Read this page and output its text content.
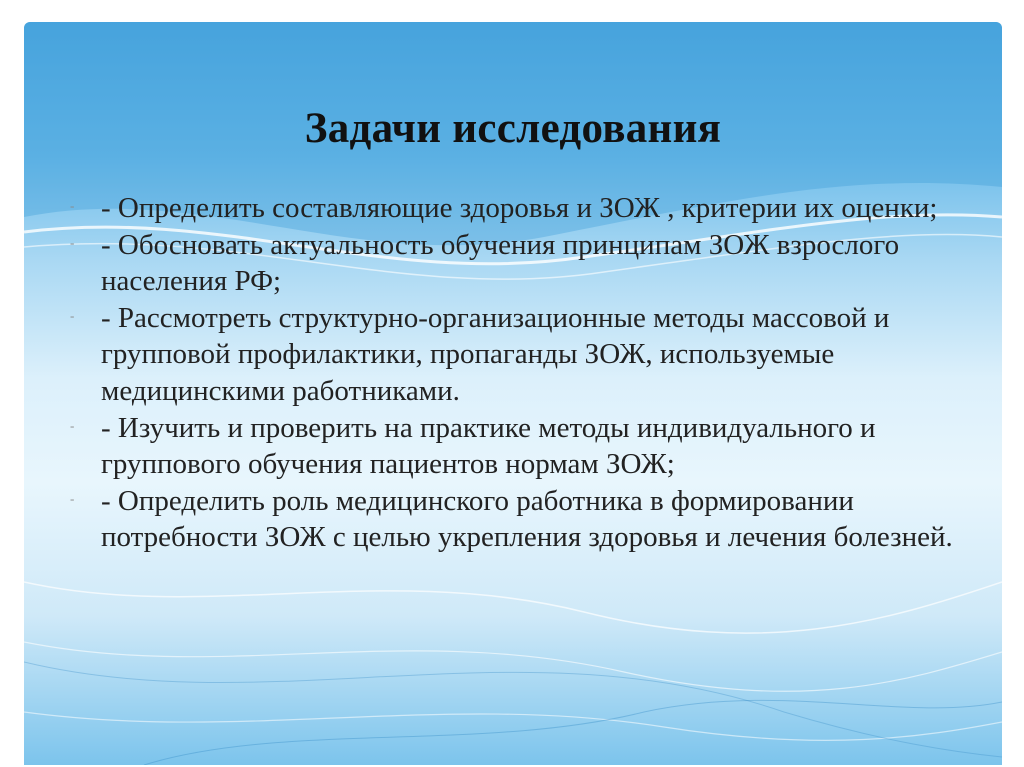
Задачи исследования
- - Определить составляющие здоровья и ЗОЖ , критерии их оценки;
- - Обосновать актуальность обучения принципам ЗОЖ взрослого населения РФ;
- - Рассмотреть структурно-организационные методы массовой и групповой профилактики, пропаганды ЗОЖ, используемые медицинскими работниками.
- - Изучить и проверить на практике методы индивидуального и группового обучения пациентов нормам ЗОЖ;
- - Определить роль медицинского работника в формировании потребности ЗОЖ с целью укрепления здоровья и лечения болезней.
